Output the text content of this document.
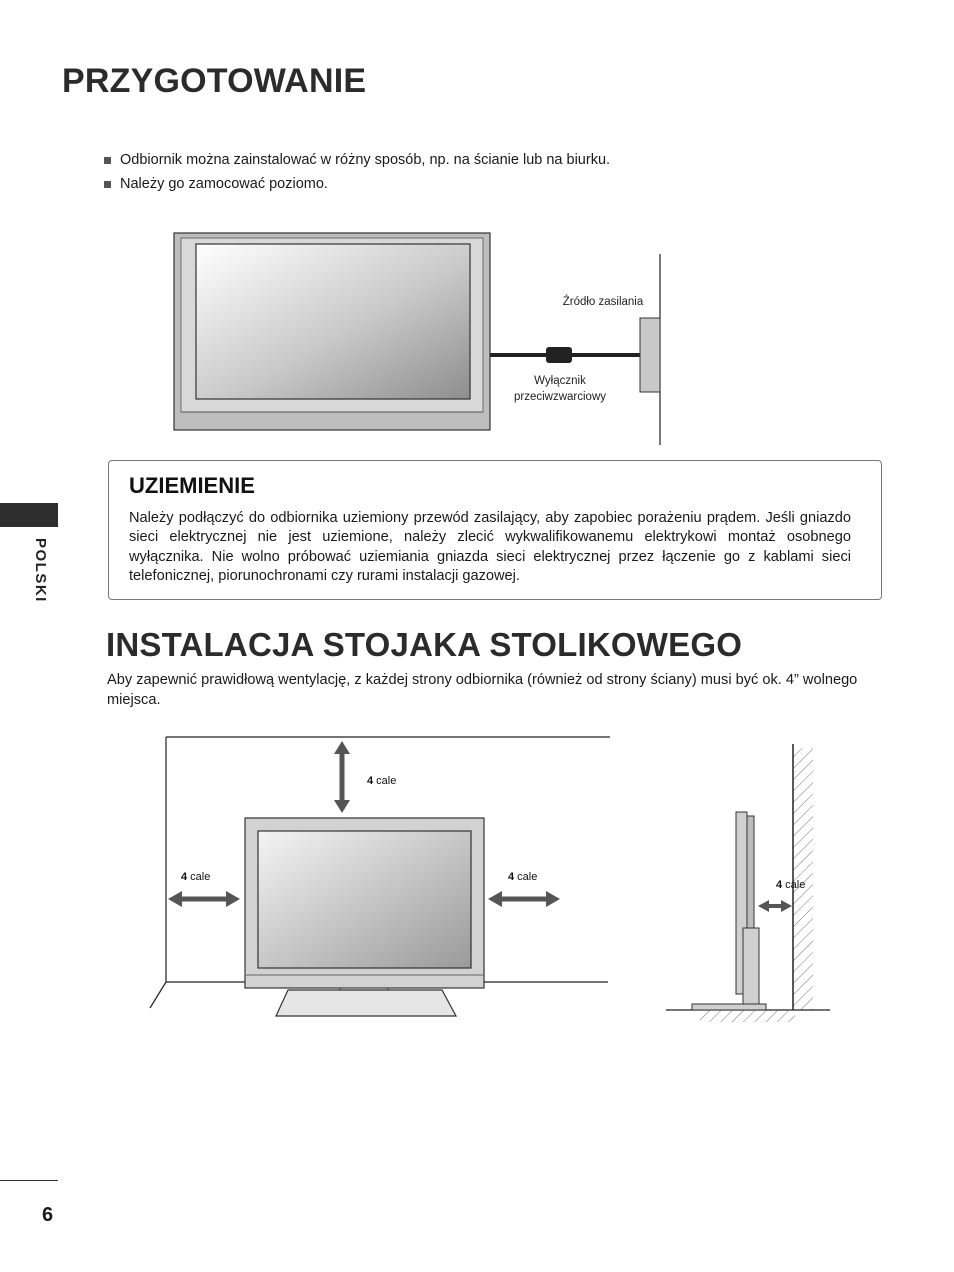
PRZYGOTOWANIE
Odbiornik można zainstalować w różny sposób, np. na ścianie lub na biurku.
Należy go zamocować poziomo.
Źródło zasilania
Wyłącznik
przeciwzwarciowy
4 cale
4 cale	4 cale
4 cale
UZIEMIENIE
Należy podłączyć do odbiornika uziemiony przewód zasilający, aby zapobiec porażeniu prądem. Jeśli gniazdo sieci elektrycznej nie jest uziemione, należy zlecić wykwalifikowanemu elektrykowi montaż osobnego wyłącznika. Nie wolno próbować uziemiania gniazda sieci elektrycznej przez łączenie go z kablami sieci telefonicznej, piorunochronami czy rurami instalacji gazowej.
INSTALACJA STOJAKA STOLIKOWEGO
Aby zapewnić prawidłową wentylację, z każdej strony odbiornika (również od strony ściany) musi być ok. 4” wolnego miejsca.
POLSKI
6
